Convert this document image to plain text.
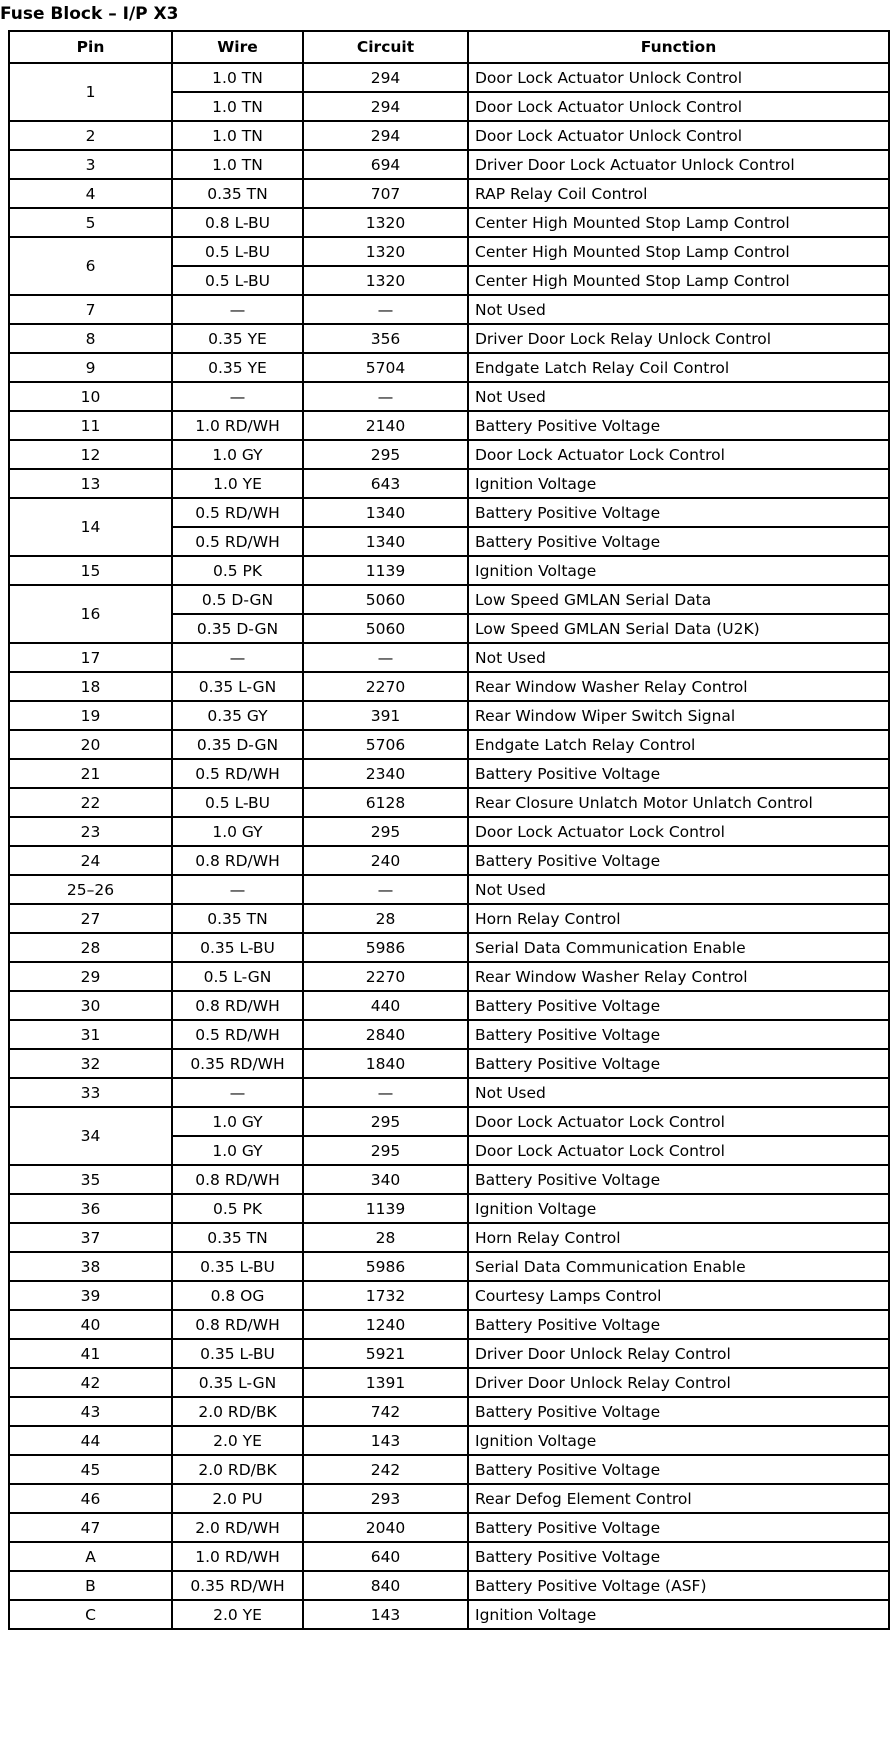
Fuse Block – I/P X3
Pin	Wire	Circuit	Function
1	1.0 TN	294	Door Lock Actuator Unlock Control
	1.0 TN	294	Door Lock Actuator Unlock Control
2	1.0 TN	294	Door Lock Actuator Unlock Control
3	1.0 TN	694	Driver Door Lock Actuator Unlock Control
4	0.35 TN	707	RAP Relay Coil Control
5	0.8 L-BU	1320	Center High Mounted Stop Lamp Control
6	0.5 L-BU	1320	Center High Mounted Stop Lamp Control
	0.5 L-BU	1320	Center High Mounted Stop Lamp Control
7	—	—	Not Used
8	0.35 YE	356	Driver Door Lock Relay Unlock Control
9	0.35 YE	5704	Endgate Latch Relay Coil Control
10	—	—	Not Used
11	1.0 RD/WH	2140	Battery Positive Voltage
12	1.0 GY	295	Door Lock Actuator Lock Control
13	1.0 YE	643	Ignition Voltage
14	0.5 RD/WH	1340	Battery Positive Voltage
	0.5 RD/WH	1340	Battery Positive Voltage
15	0.5 PK	1139	Ignition Voltage
16	0.5 D-GN	5060	Low Speed GMLAN Serial Data
	0.35 D-GN	5060	Low Speed GMLAN Serial Data (U2K)
17	—	—	Not Used
18	0.35 L-GN	2270	Rear Window Washer Relay Control
19	0.35 GY	391	Rear Window Wiper Switch Signal
20	0.35 D-GN	5706	Endgate Latch Relay Control
21	0.5 RD/WH	2340	Battery Positive Voltage
22	0.5 L-BU	6128	Rear Closure Unlatch Motor Unlatch Control
23	1.0 GY	295	Door Lock Actuator Lock Control
24	0.8 RD/WH	240	Battery Positive Voltage
25–26	—	—	Not Used
27	0.35 TN	28	Horn Relay Control
28	0.35 L-BU	5986	Serial Data Communication Enable
29	0.5 L-GN	2270	Rear Window Washer Relay Control
30	0.8 RD/WH	440	Battery Positive Voltage
31	0.5 RD/WH	2840	Battery Positive Voltage
32	0.35 RD/WH	1840	Battery Positive Voltage
33	—	—	Not Used
34	1.0 GY	295	Door Lock Actuator Lock Control
	1.0 GY	295	Door Lock Actuator Lock Control
35	0.8 RD/WH	340	Battery Positive Voltage
36	0.5 PK	1139	Ignition Voltage
37	0.35 TN	28	Horn Relay Control
38	0.35 L-BU	5986	Serial Data Communication Enable
39	0.8 OG	1732	Courtesy Lamps Control
40	0.8 RD/WH	1240	Battery Positive Voltage
41	0.35 L-BU	5921	Driver Door Unlock Relay Control
42	0.35 L-GN	1391	Driver Door Unlock Relay Control
43	2.0 RD/BK	742	Battery Positive Voltage
44	2.0 YE	143	Ignition Voltage
45	2.0 RD/BK	242	Battery Positive Voltage
46	2.0 PU	293	Rear Defog Element Control
47	2.0 RD/WH	2040	Battery Positive Voltage
A	1.0 RD/WH	640	Battery Positive Voltage
B	0.35 RD/WH	840	Battery Positive Voltage (ASF)
C	2.0 YE	143	Ignition Voltage
